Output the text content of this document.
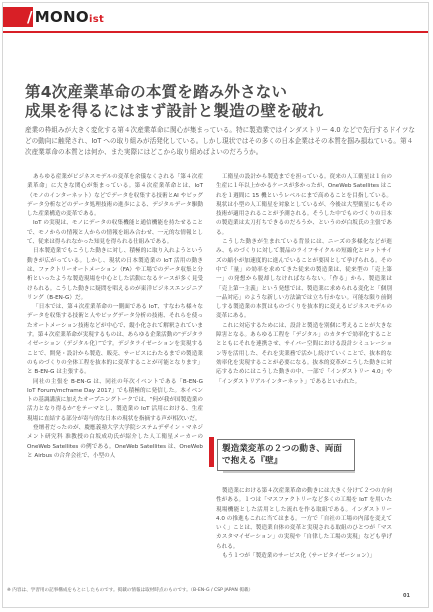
/ MONOist
第4次産業革命の本質を踏み外さない
成果を得るにはまず設計と製造の壁を破れ
産業の枠組みが大きく変化する第４次産業革命に関心が集まっている。特に製造業ではインダストリー 4.0 などで先行するドイツなどの動向に触発され、IoT への取り組みが活発化している。しかし現状ではその多くの日本企業はその本質を掴み損ねている。第４次産業革命の本質とは何か、また実際にはどこから取り組めばよいのだろうか。

あらゆる産業がビジネスモデルの変革を余儀なくされる「第４次産業革命」に大きな関心が集まっている。第４次産業革命とは、IoT（モノのインターネット）などでデータを収集する技術とAI やビッグデータ分析などのデータ処理技術の進歩による、デジタルデータ駆動した産業構造の変革である。

IoT の実現は、モノにデータの収集機能と通信機能を持たせることで、モノからの情報と人からの情報を組み合わせ、一元的な情報として、従来は得られなかった知見を得られる仕組みである。

日本製造業でもこうした動きに対し、積極的に取り入れようという動きが広がっている。しかし、現状の日本製造業の IoT 活用の動きは、ファクトリーオートメーション（FA）や工場でのデータ収集と分析といったような製造現場を中心とした活動になるケースが多く見受けられる。こうした動きに疑問を唱えるのが東洋ビジネスエンジニアリング（B-EN-G）だ。

「日本では、第４次産業革命の一側面である IoT、すなわち様々なデータを収集する技術と人やビッグデータ分析の技術、それらを使ったオートメーション技術などが中心で、縦小化されて解釈されています。第４次産業革命が実現するものは、あらゆる企業活動の“デジタライゼーション（デジタル化）”です。デジタライゼーションを実現することで、開発・設計から製造、販売、サービスにわたるまでの製造業のものづくりの全体工程を抜本的に変革することが可能となります」と B-EN-G は主張する。

同社の主張を B-EN-G は、同社の年次イベントである「B-EN-G IoT Forum/mcframe Day 2017」でも積極的に発信した。本イベントの基調講演に加えたオープニングトークでは、“何が我が国製造業の活力となり得るか”をテーマとし、製造業の IoT 活用における、生産現場に直結する部分が寄与的な日本の現状を指摘する声が相次いだ。

登壇者だったのが、慶應義塾大学大学院システムデザイン・マネジメント研究科 准教授の白坂成功氏が紹介した人工衛星メーカーの OneWeb Satellites の例である。OneWeb Satellites は、OneWeb と Airbus の合弁会社で、小型の人

工衛星の設計から製造までを担っている。従来の人工衛星は１台の生産に１年以上かかるケースが多かったが、OneWeb Satellites はこれを１週間に 15 機というレベルにまで高めることを目指している。現状は小型の人工衛星を対象としているが、今後は大型衛星にもその技術が適用されることが予測される。そうした中でものづくりの日本の製造業は太刀打ちできるのだろうか、というのが白坂氏の主張である。

こうした動きが生まれている背景には、ニーズの多様化などが進み、ものづくりに対して製品のライフサイクルの短縮化とロットサイズの縮小が加速度的に進んでいることが要因として挙げられる。その中で「量」の効率を求めてきた従来の製造業は、従来型の「売上第一」の発想から脱却しなければならない。「作る」から、製造業は「売上第一主義」という発想では、製造業に求められる変化と「個別一品対応」のような新しい方法論では立ち行かない。可能な限り前倒しする製造業の本質はものづくりを抜本的に変えるビジネスモデルの変革にある。

これに対応するためには、設計と製造を別個に考えることが大きな障害となる。あらゆる工程を「デジタル」のカタチで効率化することとともにそれを連携させ、サイバー空間における設計シミュレーション等を活用した、それを実業務で活かし続けていくことで、抜本的な効率化を実現することが必要になる。抜本的変革がこうした動きに対応するためにはこうした動きの中、一部で「インダストリー 4.0」や「インダストリアルインターネット」であるといわれた。

製造業変革の２つの動き、両面で抱える『壁』

製造業における第４次産業革命の動きには大きく分けて２つの方向性がある。１つは「マスファクトリーなど多くの工場を IoT を用いた現場機能とした活用とした流れを作る取組である。インダストリー 4.0 の推進もこれに当てはまる。一方で「自社の工場の内部を変えていく」ことは、製造業自体の変革と実現される取組のひとつが「マスカスタマイゼーション」の実現や「自律した工場の実現」なども挙げられる。

もう１つが「製造業のサービス化（サービタイゼーション）」

※ 内容は、学習用の記事構成をもとにしたものです。掲載の情報は取材時点のものです。（B-EN-G / CSP JAPAN 掲載）
01
